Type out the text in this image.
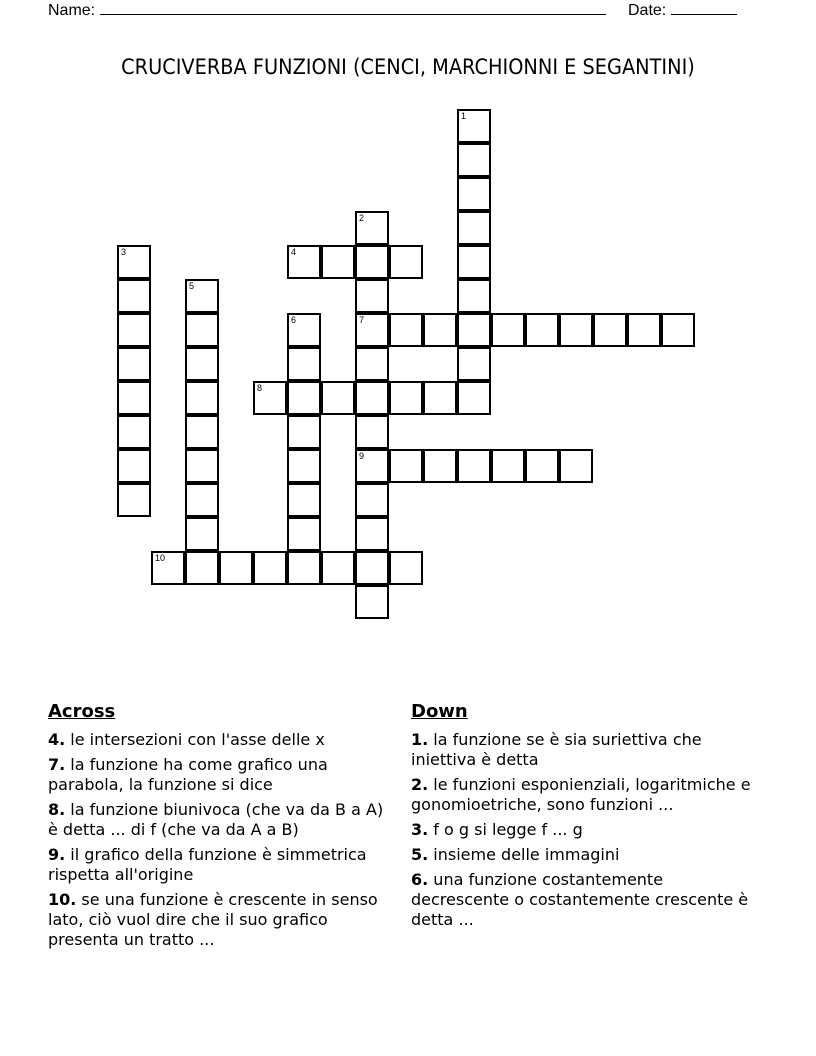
Name:	Date:
CRUCIVERBA FUNZIONI (CENCI, MARCHIONNI E SEGANTINI)
1
2
7
9
3	4
5
6
8
10
Across
4. le intersezioni con l'asse delle x
7. la funzione ha come grafico una parabola, la funzione si dice
8. la funzione biunivoca (che va da B a A) è detta ... di f (che va da A a B)
9. il grafico della funzione è simmetrica rispetta all'origine
10. se una funzione è crescente in senso lato, ciò vuol dire che il suo grafico presenta un tratto ...
Down
1. la funzione se è sia suriettiva che iniettiva è detta
2. le funzioni esponienziali, logaritmiche e gonomioetriche, sono funzioni ...
3. f o g si legge f ... g
5. insieme delle immagini
6. una funzione costantemente decrescente o costantemente crescente è detta ...
